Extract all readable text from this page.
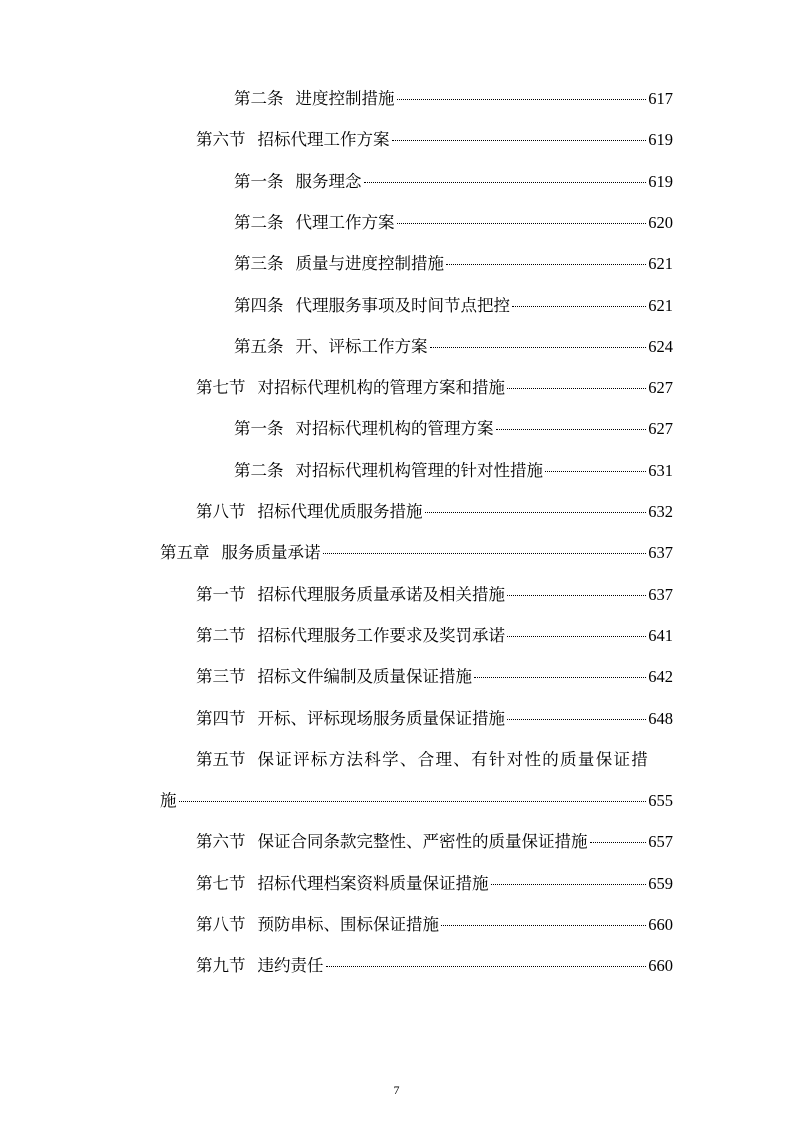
第二条 进度控制措施	617
第六节 招标代理工作方案	619
第一条 服务理念	619
第二条 代理工作方案	620
第三条 质量与进度控制措施	621
第四条 代理服务事项及时间节点把控	621
第五条 开、评标工作方案	624
第七节 对招标代理机构的管理方案和措施	627
第一条 对招标代理机构的管理方案	627
第二条 对招标代理机构管理的针对性措施	631
第八节 招标代理优质服务措施	632
第五章 服务质量承诺	637
第一节 招标代理服务质量承诺及相关措施	637
第二节 招标代理服务工作要求及奖罚承诺	641
第三节 招标文件编制及质量保证措施	642
第四节 开标、评标现场服务质量保证措施	648
第五节 保证评标方法科学、合理、有针对性的质量保证措
施	655
第六节 保证合同条款完整性、严密性的质量保证措施	657
第七节 招标代理档案资料质量保证措施	659
第八节 预防串标、围标保证措施	660
第九节 违约责任	660
7
